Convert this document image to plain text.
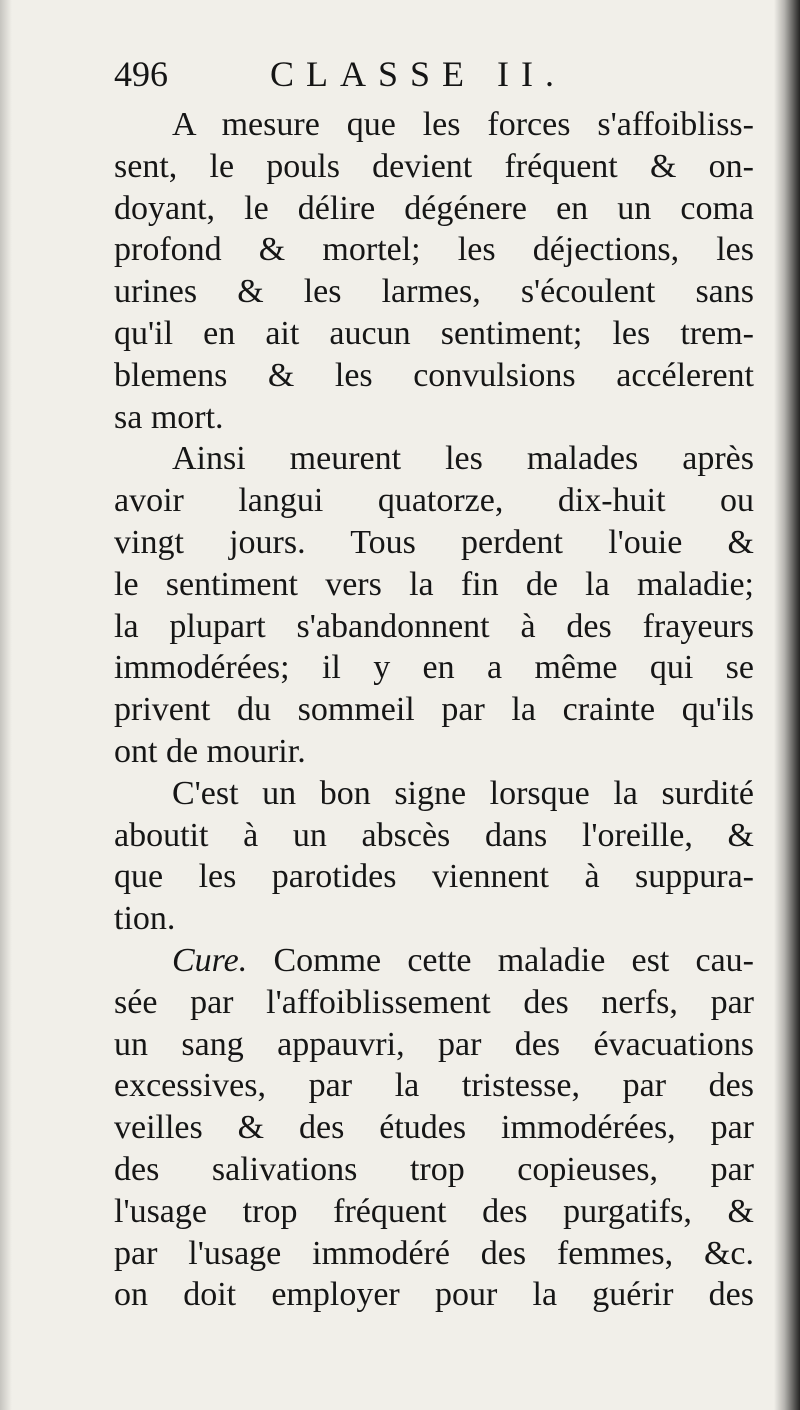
496	CLASSE II.
A mesure que les forces s'affoibliss-
sent, le pouls devient fréquent & on-
doyant, le délire dégénere en un coma
profond & mortel; les déjections, les
urines & les larmes, s'écoulent sans
qu'il en ait aucun sentiment; les trem-
blemens & les convulsions accélerent
sa mort.
Ainsi meurent les malades après
avoir langui quatorze, dix-huit ou
vingt jours. Tous perdent l'ouie &
le sentiment vers la fin de la maladie;
la plupart s'abandonnent à des frayeurs
immodérées; il y en a même qui se
privent du sommeil par la crainte qu'ils
ont de mourir.
C'est un bon signe lorsque la surdité
aboutit à un abscès dans l'oreille, &
que les parotides viennent à suppura-
tion.
Cure. Comme cette maladie est cau-
sée par l'affoiblissement des nerfs, par
un sang appauvri, par des évacuations
excessives, par la tristesse, par des
veilles & des études immodérées, par
des salivations trop copieuses, par
l'usage trop fréquent des purgatifs, &
par l'usage immodéré des femmes, &c.
on doit employer pour la guérir des
